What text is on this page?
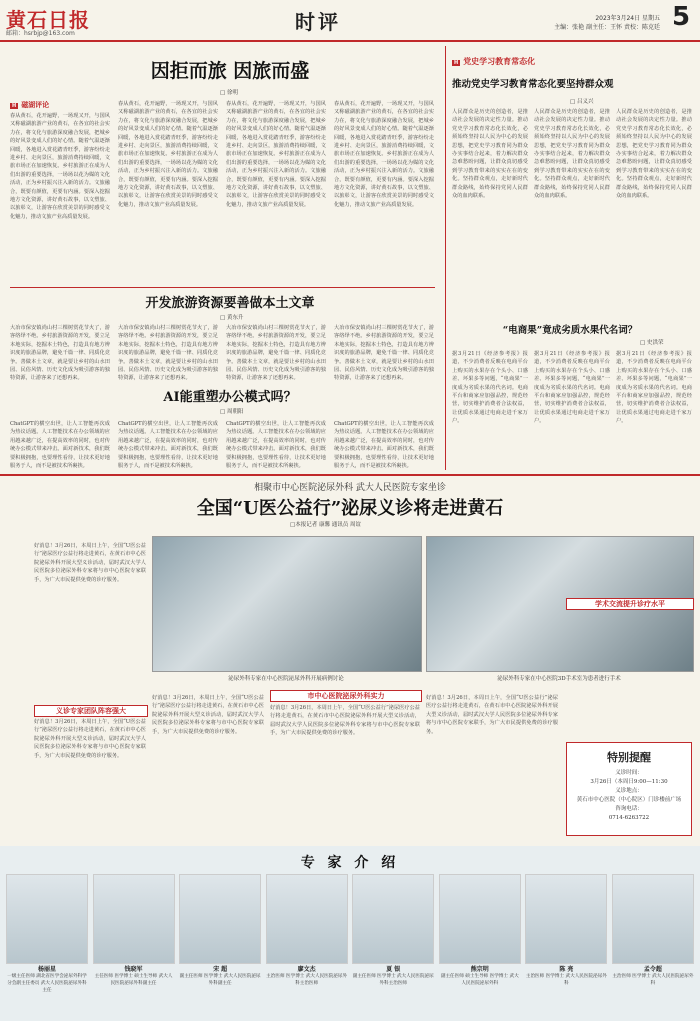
黄石日报
邮箱：hsrbjp@163.com	时评	2023年3月24日 星期五
主编：张艳 副主任：王怀 责校：陈克廷 5
因拒而旅 因旅而盛
□ 徐明
H 磁湖评论
春从黄石，花开遍野，一场现又开，与国风又称磁湖旅游产业的黄石，在各宜的社会实力在，将文化与旅游深度融合发展，把城乡的好风景变成人们的好心情。随着气温逐渐回暖，各地进入赏花踏青旺季，游客纷纷走进乡村、走向景区，旅游消费持续回暖，文旅市场正在加速恢复。乡村旅游正在成为人们出游的重要选择，一场场以花为媒的文化活动，正为乡村振兴注入新的活力。文旅融合，既要有颜值，更要有内涵。要深入挖掘地方文化资源，讲好黄石故事，以文塑旅、以旅彰文，让游客在欣赏美景的同时感受文化魅力，推动文旅产业高质量发展。
春从黄石，花开遍野，一场现又开，与国风又称磁湖旅游产业的黄石，在各宜的社会实力在，将文化与旅游深度融合发展，把城乡的好风景变成人们的好心情。随着气温逐渐回暖，各地进入赏花踏青旺季，游客纷纷走进乡村、走向景区，旅游消费持续回暖，文旅市场正在加速恢复。乡村旅游正在成为人们出游的重要选择，一场场以花为媒的文化活动，正为乡村振兴注入新的活力。文旅融合，既要有颜值，更要有内涵。要深入挖掘地方文化资源，讲好黄石故事，以文塑旅、以旅彰文，让游客在欣赏美景的同时感受文化魅力，推动文旅产业高质量发展。
春从黄石，花开遍野，一场现又开，与国风又称磁湖旅游产业的黄石，在各宜的社会实力在，将文化与旅游深度融合发展，把城乡的好风景变成人们的好心情。随着气温逐渐回暖，各地进入赏花踏青旺季，游客纷纷走进乡村、走向景区，旅游消费持续回暖，文旅市场正在加速恢复。乡村旅游正在成为人们出游的重要选择，一场场以花为媒的文化活动，正为乡村振兴注入新的活力。文旅融合，既要有颜值，更要有内涵。要深入挖掘地方文化资源，讲好黄石故事，以文塑旅、以旅彰文，让游客在欣赏美景的同时感受文化魅力，推动文旅产业高质量发展。
春从黄石，花开遍野，一场现又开，与国风又称磁湖旅游产业的黄石，在各宜的社会实力在，将文化与旅游深度融合发展，把城乡的好风景变成人们的好心情。随着气温逐渐回暖，各地进入赏花踏青旺季，游客纷纷走进乡村、走向景区，旅游消费持续回暖，文旅市场正在加速恢复。乡村旅游正在成为人们出游的重要选择，一场场以花为媒的文化活动，正为乡村振兴注入新的活力。文旅融合，既要有颜值，更要有内涵。要深入挖掘地方文化资源，讲好黄石故事，以文塑旅、以旅彰文，让游客在欣赏美景的同时感受文化魅力，推动文旅产业高质量发展。
开发旅游资源要善做本土文章
□ 黄东升
大冶市保安镇尚山村三棵树赏花节火了，游客络绎不绝。乡村旅游资源的开发，要立足本地实际，挖掘本土特色，打造具有地方辨识度的旅游品牌，避免千篇一律、同质化竞争。善做本土文章，就是要让乡村的山水田园、民俗风情、历史文化成为吸引游客的独特资源，让游客来了还想再来。
大冶市保安镇尚山村三棵树赏花节火了，游客络绎不绝。乡村旅游资源的开发，要立足本地实际，挖掘本土特色，打造具有地方辨识度的旅游品牌，避免千篇一律、同质化竞争。善做本土文章，就是要让乡村的山水田园、民俗风情、历史文化成为吸引游客的独特资源，让游客来了还想再来。
大冶市保安镇尚山村三棵树赏花节火了，游客络绎不绝。乡村旅游资源的开发，要立足本地实际，挖掘本土特色，打造具有地方辨识度的旅游品牌，避免千篇一律、同质化竞争。善做本土文章，就是要让乡村的山水田园、民俗风情、历史文化成为吸引游客的独特资源，让游客来了还想再来。
大冶市保安镇尚山村三棵树赏花节火了，游客络绎不绝。乡村旅游资源的开发，要立足本地实际，挖掘本土特色，打造具有地方辨识度的旅游品牌，避免千篇一律、同质化竞争。善做本土文章，就是要让乡村的山水田园、民俗风情、历史文化成为吸引游客的独特资源，让游客来了还想再来。
AI能重塑办公模式吗？
□ 周朝阳
ChatGPT的横空出世，让人工智能再次成为热议话题。人工智能技术在办公领域的应用越来越广泛，在提高效率的同时，也对传统办公模式带来冲击。面对新技术，我们既要积极拥抱，也要理性看待，让技术更好地服务于人，而不是被技术所裹挟。
ChatGPT的横空出世，让人工智能再次成为热议话题。人工智能技术在办公领域的应用越来越广泛，在提高效率的同时，也对传统办公模式带来冲击。面对新技术，我们既要积极拥抱，也要理性看待，让技术更好地服务于人，而不是被技术所裹挟。
ChatGPT的横空出世，让人工智能再次成为热议话题。人工智能技术在办公领域的应用越来越广泛，在提高效率的同时，也对传统办公模式带来冲击。面对新技术，我们既要积极拥抱，也要理性看待，让技术更好地服务于人，而不是被技术所裹挟。
ChatGPT的横空出世，让人工智能再次成为热议话题。人工智能技术在办公领域的应用越来越广泛，在提高效率的同时，也对传统办公模式带来冲击。面对新技术，我们既要积极拥抱，也要理性看待，让技术更好地服务于人，而不是被技术所裹挟。
H 党史学习教育常态化
推动党史学习教育常态化要坚持群众观
□ 吕义兴
人民群众是历史的创造者，是推动社会发展的决定性力量。推动党史学习教育常态化长效化，必须始终坚持以人民为中心的发展思想，把党史学习教育同为群众办实事结合起来，着力解决群众急难愁盼问题，让群众真切感受到学习教育带来的实实在在的变化。坚持群众观点，走好新时代群众路线，始终保持党同人民群众的血肉联系。
人民群众是历史的创造者，是推动社会发展的决定性力量。推动党史学习教育常态化长效化，必须始终坚持以人民为中心的发展思想，把党史学习教育同为群众办实事结合起来，着力解决群众急难愁盼问题，让群众真切感受到学习教育带来的实实在在的变化。坚持群众观点，走好新时代群众路线，始终保持党同人民群众的血肉联系。
人民群众是历史的创造者，是推动社会发展的决定性力量。推动党史学习教育常态化长效化，必须始终坚持以人民为中心的发展思想，把党史学习教育同为群众办实事结合起来，着力解决群众急难愁盼问题，让群众真切感受到学习教育带来的实实在在的变化。坚持群众观点，走好新时代群众路线，始终保持党同人民群众的血肉联系。
“电商果”竟成劣质水果代名词？
□ 史洪荣
据3月21日《经济参考报》报道，不少消费者反映在电商平台上购买的水果存在个头小、口感差、坏果多等问题，“电商果”一度成为劣质水果的代名词。电商平台和商家应加强品控，规范经营，切实维护消费者合法权益，让优质水果通过电商走进千家万户。
据3月21日《经济参考报》报道，不少消费者反映在电商平台上购买的水果存在个头小、口感差、坏果多等问题，“电商果”一度成为劣质水果的代名词。电商平台和商家应加强品控，规范经营，切实维护消费者合法权益，让优质水果通过电商走进千家万户。
据3月21日《经济参考报》报道，不少消费者反映在电商平台上购买的水果存在个头小、口感差、坏果多等问题，“电商果”一度成为劣质水果的代名词。电商平台和商家应加强品控，规范经营，切实维护消费者合法权益，让优质水果通过电商走进千家万户。
相聚市中心医院泌尿外科 武大人民医院专家坐诊
全国“U医公益行”泌尿义诊将走进黄石
□本报记者 康馨 通讯员 周谊
好消息！3月26日，本周日上午，全国“U医公益行”泌尿医疗公益行将走进黄石，在黄石市中心医院泌尿外科开展大型义诊活动，届时武汉大学人民医院多位泌尿外科专家将与市中心医院专家联手，为广大市民提供免费的诊疗服务。
泌尿外科专家在中心医院泌尿外科开展病例讨论	泌尿外科专家在中心医院3D手术室为患者进行手术
义诊专家团队阵容强大
好消息！3月26日，本周日上午，全国“U医公益行”泌尿医疗公益行将走进黄石，在黄石市中心医院泌尿外科开展大型义诊活动，届时武汉大学人民医院多位泌尿外科专家将与市中心医院专家联手，为广大市民提供免费的诊疗服务。
好消息！3月26日，本周日上午，全国“U医公益行”泌尿医疗公益行将走进黄石，在黄石市中心医院泌尿外科开展大型义诊活动，届时武汉大学人民医院多位泌尿外科专家将与市中心医院专家联手，为广大市民提供免费的诊疗服务。
市中心医院泌尿外科实力
好消息！3月26日，本周日上午，全国“U医公益行”泌尿医疗公益行将走进黄石，在黄石市中心医院泌尿外科开展大型义诊活动，届时武汉大学人民医院多位泌尿外科专家将与市中心医院专家联手，为广大市民提供免费的诊疗服务。
好消息！3月26日，本周日上午，全国“U医公益行”泌尿医疗公益行将走进黄石，在黄石市中心医院泌尿外科开展大型义诊活动，届时武汉大学人民医院多位泌尿外科专家将与市中心医院专家联手，为广大市民提供免费的诊疗服务。
学术交流提升诊疗水平
特别提醒
义诊时间：
3月26日（本周日9:00—11:30
义诊地点：
黄石市中心医院（中心院区）门诊楼前广场
咨询电话：
0714-6263722
专 家 介 绍
杨丽星
一级主任医师 湖北省医学会泌尿外科学分会副主任委员 武大人民医院泌尿外科主任
钱晓军
主任医师 医学博士 硕士生导师 武大人民医院泌尿外科副主任
宋 超
副主任医师 医学博士 武大人民医院泌尿外科副主任
廖文杰
主治医师 医学博士 武大人民医院泌尿外科主治医师
夏 银
副主任医师 医学博士 武大人民医院泌尿外科主治医师
熊宗明
副主任医师 硕士生导师 医学博士 武大人民医院泌尿外科
陈 亮
主治医师 医学博士 武大人民医院泌尿外科
孟令超
主治医师 医学博士 武大人民医院泌尿外科
